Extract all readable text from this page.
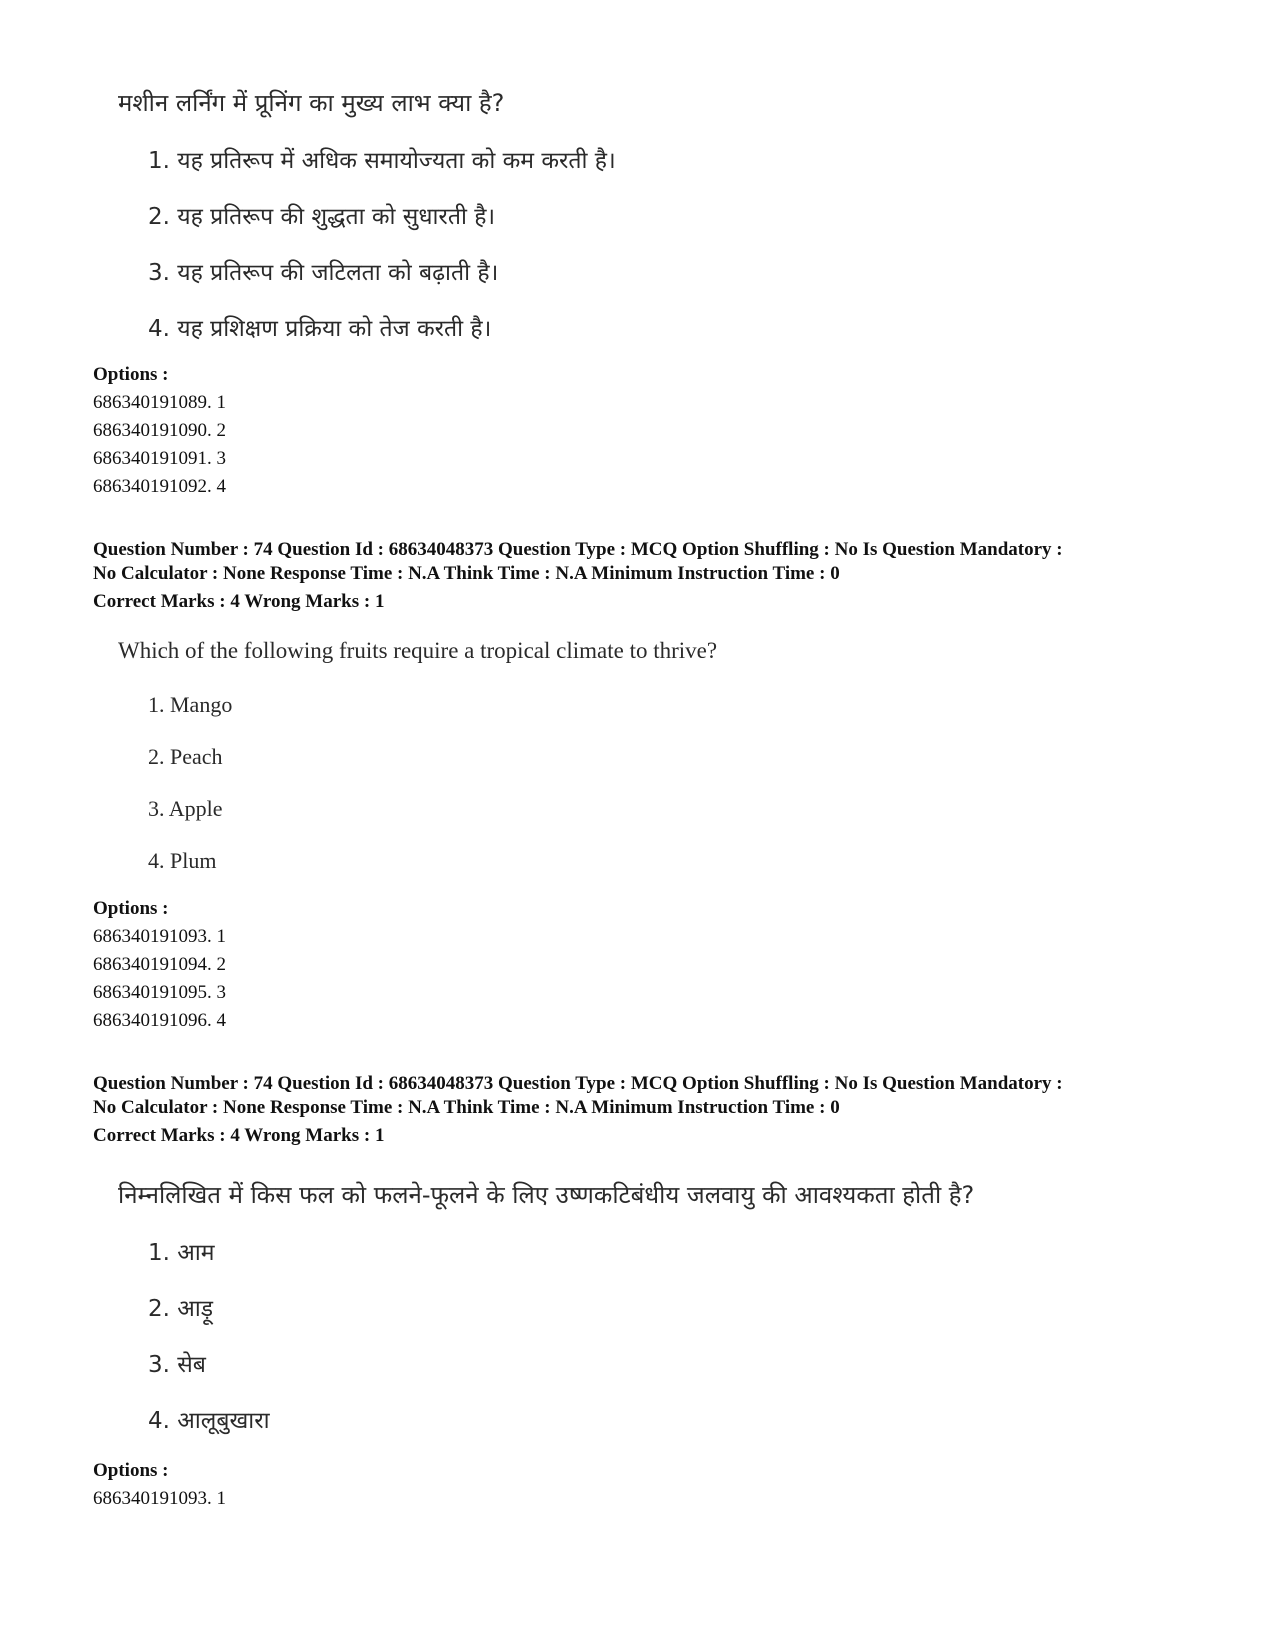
मशीन लर्निंग में प्रूनिंग का मुख्य लाभ क्या है?
1. यह प्रतिरूप में अधिक समायोज्यता को कम करती है।
2. यह प्रतिरूप की शुद्धता को सुधारती है।
3. यह प्रतिरूप की जटिलता को बढ़ाती है।
4. यह प्रशिक्षण प्रक्रिया को तेज करती है।
Options :
686340191089. 1
686340191090. 2
686340191091. 3
686340191092. 4
Question Number : 74 Question Id : 68634048373 Question Type : MCQ Option Shuffling : No Is Question Mandatory :
No Calculator : None Response Time : N.A Think Time : N.A Minimum Instruction Time : 0
Correct Marks : 4 Wrong Marks : 1
Which of the following fruits require a tropical climate to thrive?
1. Mango
2. Peach
3. Apple
4. Plum
Options :
686340191093. 1
686340191094. 2
686340191095. 3
686340191096. 4
Question Number : 74 Question Id : 68634048373 Question Type : MCQ Option Shuffling : No Is Question Mandatory :
No Calculator : None Response Time : N.A Think Time : N.A Minimum Instruction Time : 0
Correct Marks : 4 Wrong Marks : 1
निम्नलिखित में किस फल को फलने-फूलने के लिए उष्णकटिबंधीय जलवायु की आवश्यकता होती है?
1. आम
2. आड़ू
3. सेब
4. आलूबुखारा
Options :
686340191093. 1
